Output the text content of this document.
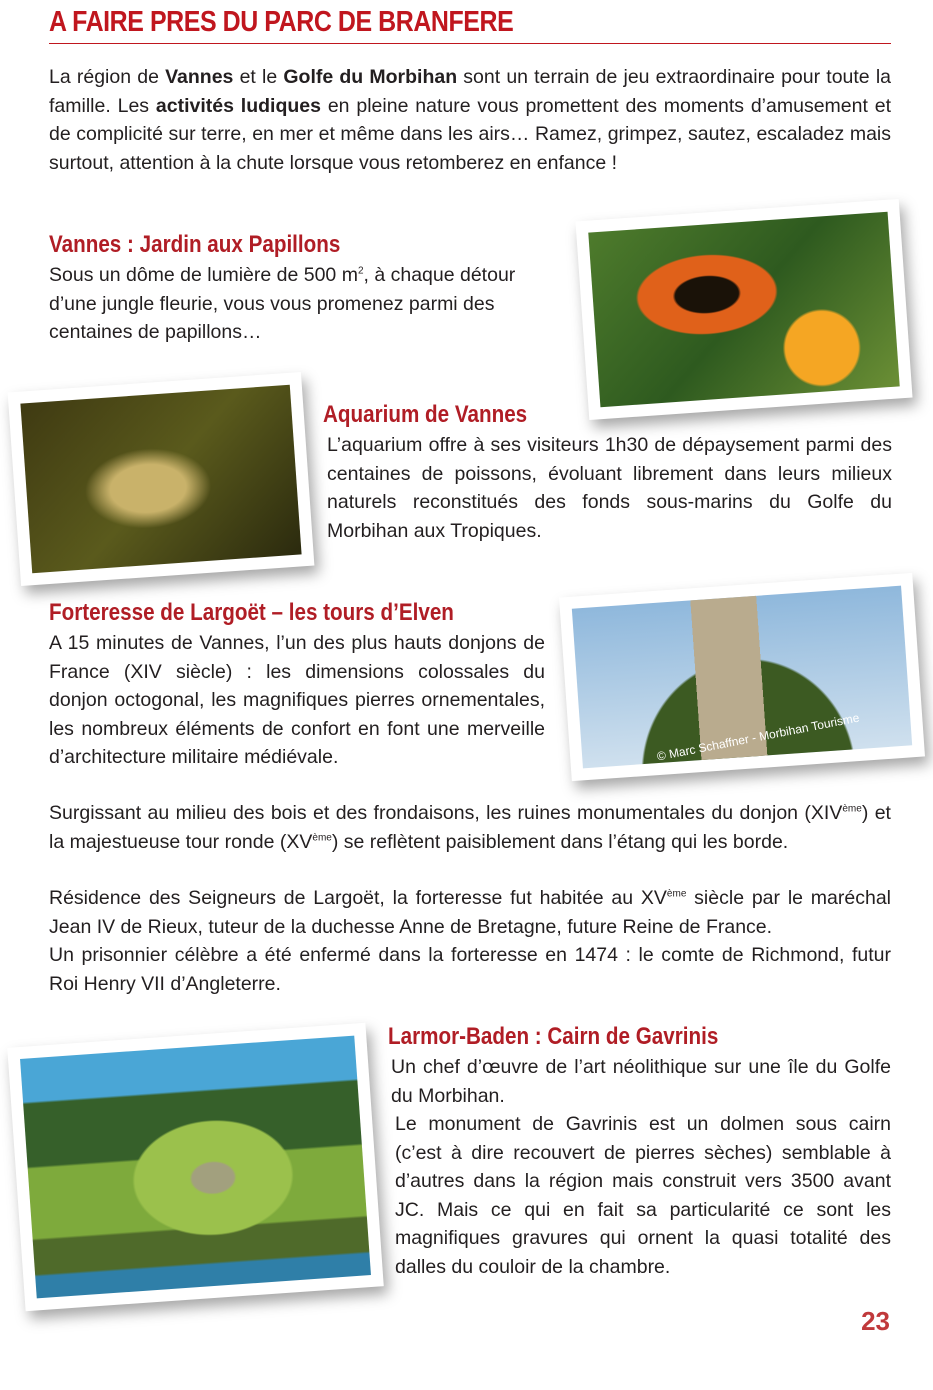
A FAIRE PRES DU PARC DE BRANFERE
La région de Vannes et le Golfe du Morbihan sont un terrain de jeu extraordinaire pour toute la famille. Les activités ludiques en pleine nature vous promettent des moments d’amusement et de complicité sur terre, en mer et même dans les airs… Ramez, grimpez, sautez, escaladez mais surtout, attention à la chute lorsque vous retomberez en enfance !
Vannes : Jardin aux Papillons
Sous un dôme de lumière de 500 $m^2$, à chaque détour d’une jungle fleurie, vous vous promenez parmi des centaines de papillons…
Aquarium de Vannes
L’aquarium offre à ses visiteurs 1h30 de dépaysement parmi des centaines de poissons, évoluant librement dans leurs milieux naturels reconstitués des fonds sous-marins du Golfe du Morbihan aux Tropiques.
Forteresse de Largoët – les tours d’Elven
A 15 minutes de Vannes, l’un des plus hauts donjons de France (XIV siècle) : les dimensions colossales du donjon octogonal, les magnifiques pierres ornementales, les nombreux éléments de confort en font une merveille d’architecture militaire médiévale.	© Marc Schaffner - Morbihan Tourisme
Surgissant au milieu des bois et des frondaisons, les ruines monumentales du donjon (XIVème) et la majestueuse tour ronde (XVème) se reflètent paisiblement dans l’étang qui les borde.
Résidence des Seigneurs de Largoët, la forteresse fut habitée au XVème siècle par le maréchal Jean IV de Rieux, tuteur de la duchesse Anne de Bretagne, future Reine de France.
Un prisonnier célèbre a été enfermé dans la forteresse en 1474 : le comte de Richmond, futur Roi Henry VII d’Angleterre.
Larmor-Baden : Cairn de Gavrinis
Un chef d’œuvre de l’art néolithique sur une île du Golfe du Morbihan.
Le monument de Gavrinis est un dolmen sous cairn (c’est à dire recouvert de pierres sèches) semblable à d’autres dans la région mais construit vers 3500 avant JC. Mais ce qui en fait sa particularité ce sont les magnifiques gravures qui ornent la quasi totalité des dalles du couloir de la chambre.
23
